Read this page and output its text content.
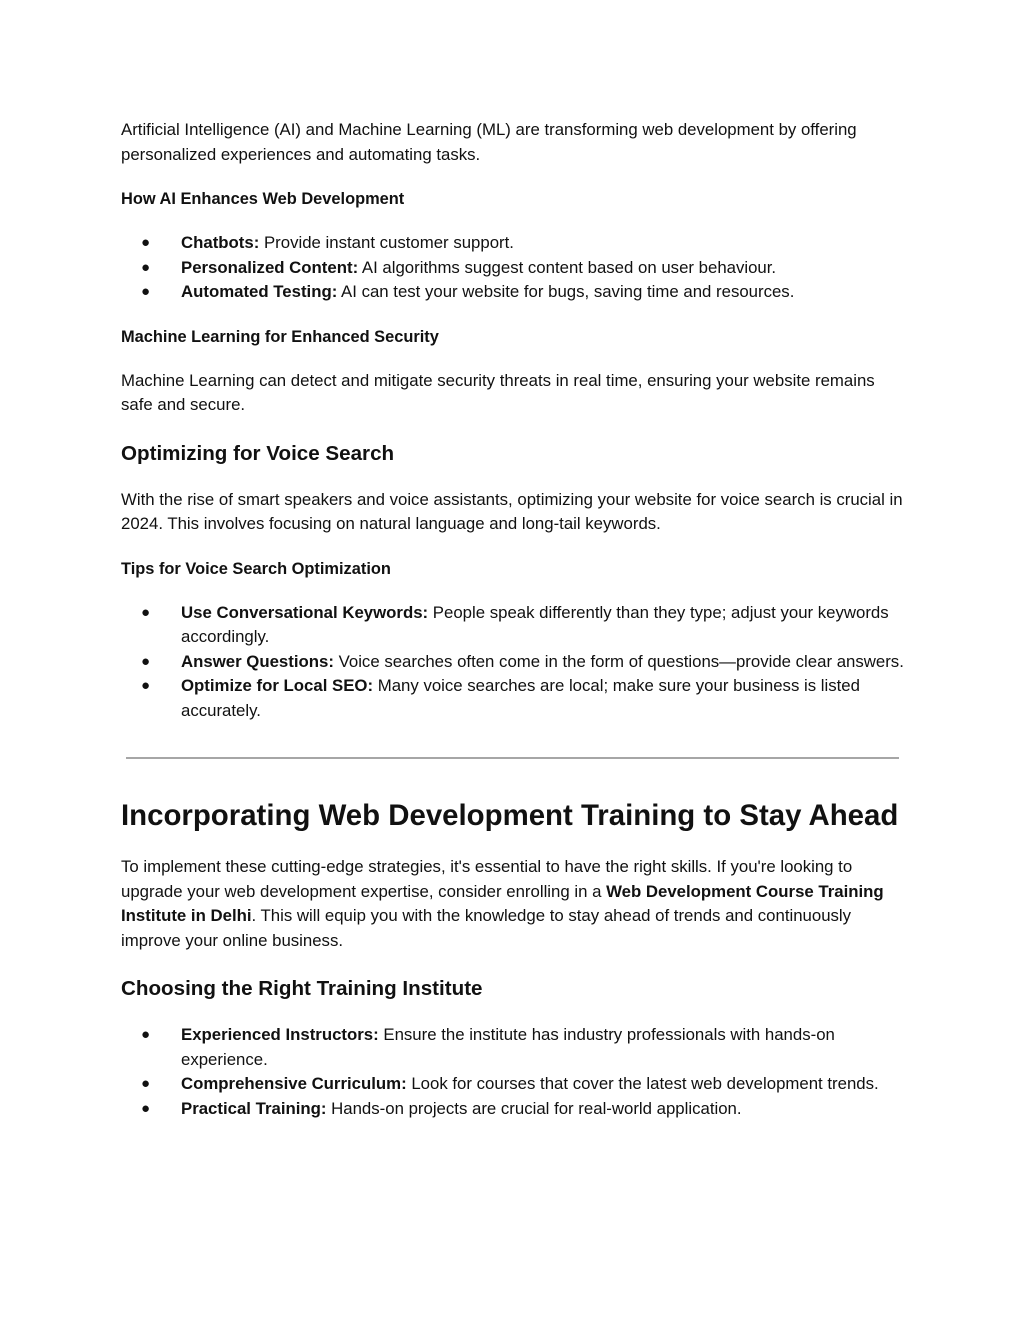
Artificial Intelligence (AI) and Machine Learning (ML) are transforming web development by offering personalized experiences and automating tasks.

How AI Enhances Web Development
● Chatbots: Provide instant customer support.
● Personalized Content: AI algorithms suggest content based on user behaviour.
● Automated Testing: AI can test your website for bugs, saving time and resources.
Machine Learning for Enhanced Security

Machine Learning can detect and mitigate security threats in real time, ensuring your website remains safe and secure.

Optimizing for Voice Search

With the rise of smart speakers and voice assistants, optimizing your website for voice search is crucial in 2024. This involves focusing on natural language and long-tail keywords.

Tips for Voice Search Optimization
● Use Conversational Keywords: People speak differently than they type; adjust your keywords accordingly.
● Answer Questions: Voice searches often come in the form of questions—provide clear answers.
● Optimize for Local SEO: Many voice searches are local; make sure your business is listed accurately.
Incorporating Web Development Training to Stay Ahead

To implement these cutting-edge strategies, it's essential to have the right skills. If you're looking to upgrade your web development expertise, consider enrolling in a Web Development Course Training Institute in Delhi. This will equip you with the knowledge to stay ahead of trends and continuously improve your online business.

Choosing the Right Training Institute
● Experienced Instructors: Ensure the institute has industry professionals with hands-on experience.
● Comprehensive Curriculum: Look for courses that cover the latest web development trends.
● Practical Training: Hands-on projects are crucial for real-world application.
